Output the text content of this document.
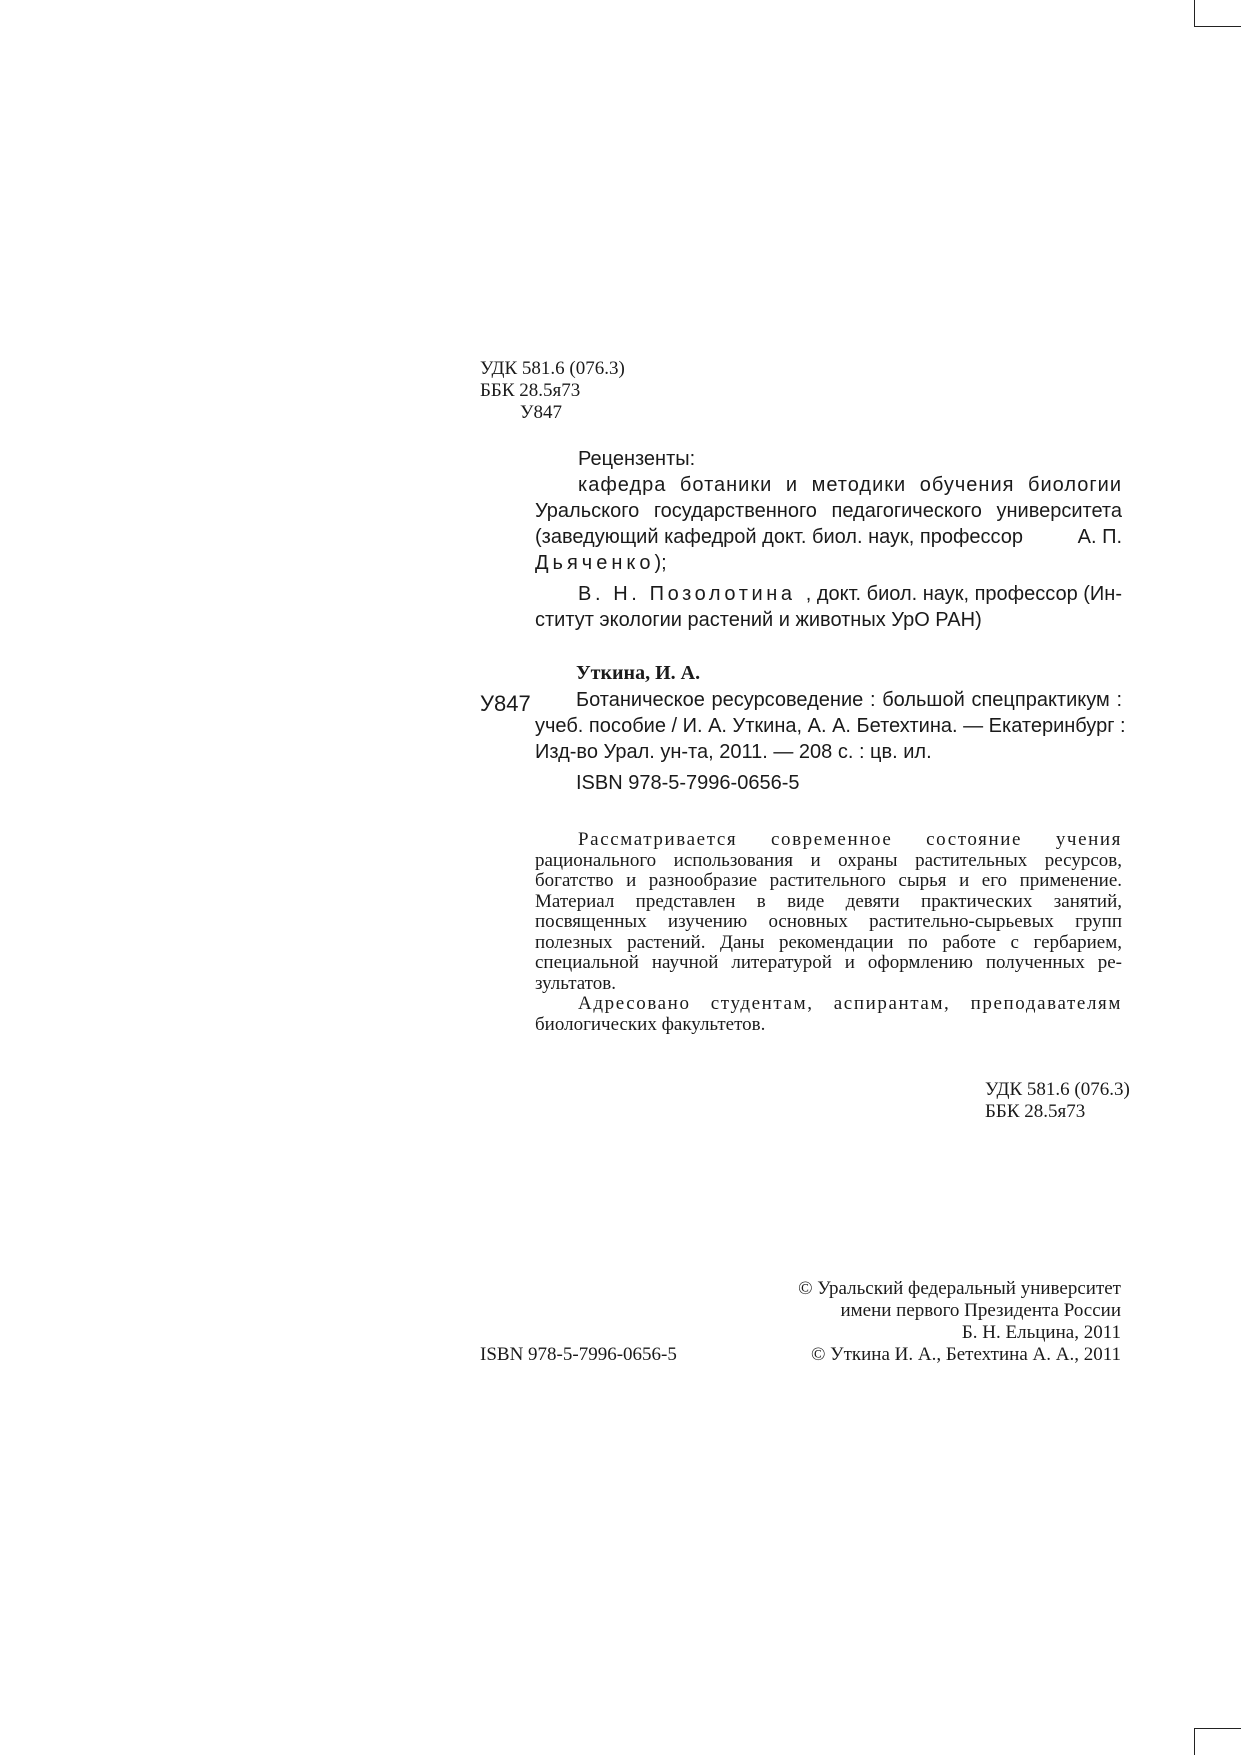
УДК 581.6 (076.3)
ББК 28.5я73
У847
Рецензенты:
кафедра ботаники и методики обучения биологии
Уральского государственного педагогического университета
(заведующий кафедрой докт. биол. наук, профессор	А. П.
Дьяченко);
В. Н. Позолотина , докт. биол. наук, профессор (Ин-
ститут экологии растений и животных УрО РАН)
Уткина, И. А.
У847 Ботаническое ресурсоведение : большой спецпрактикум :
учеб. пособие / И. А. Уткина, А. А. Бетехтина. — Екатеринбург :
Изд-во Урал. ун-та, 2011. — 208 с. : цв. ил.
ISBN 978-5-7996-0656-5
Рассматривается современное состояние учения
рационального использования и охраны растительных ресурсов,
богатство и разнообразие растительного сырья и его применение.
Материал представлен в виде девяти практических занятий,
посвященных изучению основных растительно-сырьевых групп
полезных растений. Даны рекомендации по работе с гербарием,
специальной научной литературой и оформлению полученных ре-
зультатов.
Адресовано студентам, аспирантам, преподавателям
биологических факультетов.
УДК 581.6 (076.3)
ББК 28.5я73
ISBN 978-5-7996-0656-5
© Уральский федеральный университет
имени первого Президента России
Б. Н. Ельцина, 2011
© Уткина И. А., Бетехтина А. А., 2011
